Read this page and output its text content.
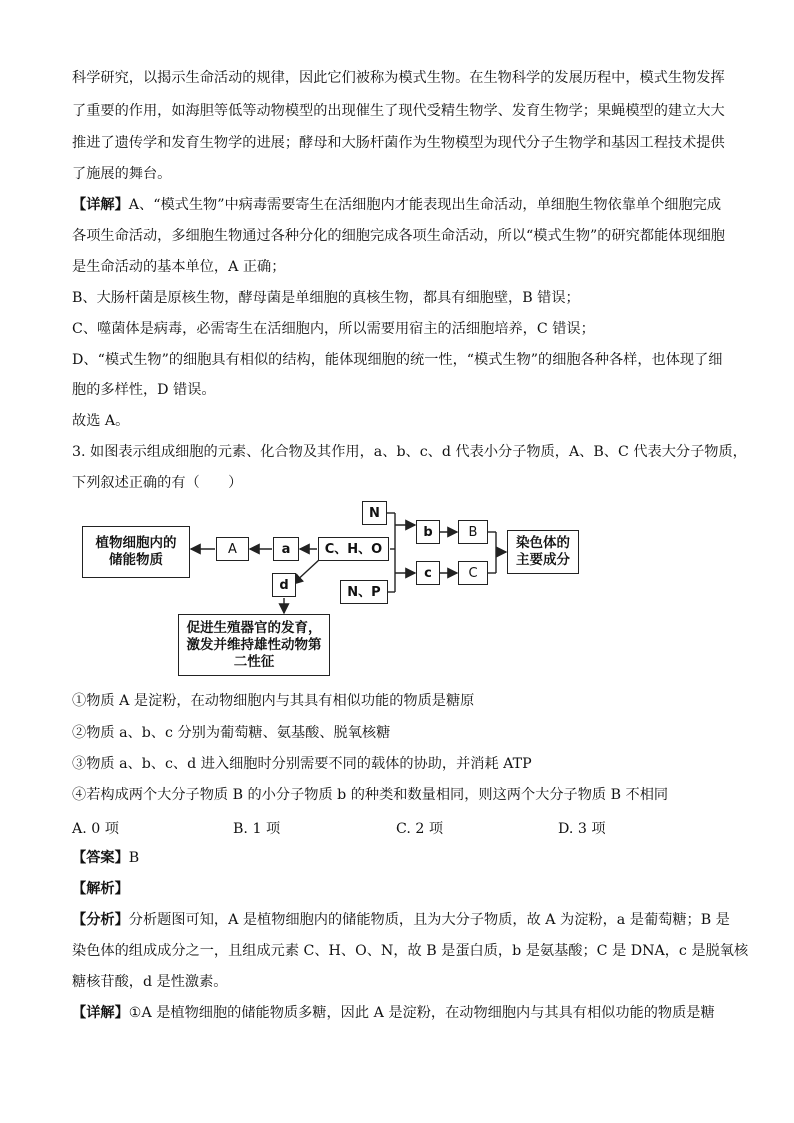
科学研究，以揭示生命活动的规律，因此它们被称为模式生物。在生物科学的发展历程中，模式生物发挥
了重要的作用，如海胆等低等动物模型的出现催生了现代受精生物学、发育生物学；果蝇模型的建立大大
推进了遗传学和发育生物学的进展；酵母和大肠杆菌作为生物模型为现代分子生物学和基因工程技术提供
了施展的舞台。
【详解】A、“模式生物”中病毒需要寄生在活细胞内才能表现出生命活动，单细胞生物依靠单个细胞完成
各项生命活动，多细胞生物通过各种分化的细胞完成各项生命活动，所以“模式生物”的研究都能体现细胞
是生命活动的基本单位，A 正确；
B、大肠杆菌是原核生物，酵母菌是单细胞的真核生物，都具有细胞壁，B 错误；
C、噬菌体是病毒，必需寄生在活细胞内，所以需要用宿主的活细胞培养，C 错误；
D、“模式生物”的细胞具有相似的结构，能体现细胞的统一性，“模式生物”的细胞各种各样，也体现了细
胞的多样性，D 错误。
故选 A。
3. 如图表示组成细胞的元素、化合物及其作用，a、b、c、d 代表小分子物质，A、B、C 代表大分子物质，
下列叙述正确的有（　　）
植物细胞内的储能物质
A	a	C、H、O
N
b	B
N、P
c	C
染色体的主要成分
d
促进生殖器官的发育，激发并维持雄性动物第二性征
①物质 A 是淀粉，在动物细胞内与其具有相似功能的物质是糖原
②物质 a、b、c 分别为葡萄糖、氨基酸、脱氧核糖
③物质 a、b、c、d 进入细胞时分别需要不同的载体的协助，并消耗 ATP
④若构成两个大分子物质 B 的小分子物质 b 的种类和数量相同，则这两个大分子物质 B 不相同
A. 0 项	B. 1 项	C. 2 项	D. 3 项
【答案】B
【解析】
【分析】分析题图可知，A 是植物细胞内的储能物质，且为大分子物质，故 A 为淀粉，a 是葡萄糖；B 是
染色体的组成成分之一，且组成元素 C、H、O、N，故 B 是蛋白质，b 是氨基酸；C 是 DNA，c 是脱氧核
糖核苷酸，d 是性激素。
【详解】①A 是植物细胞的储能物质多糖，因此 A 是淀粉，在动物细胞内与其具有相似功能的物质是糖
